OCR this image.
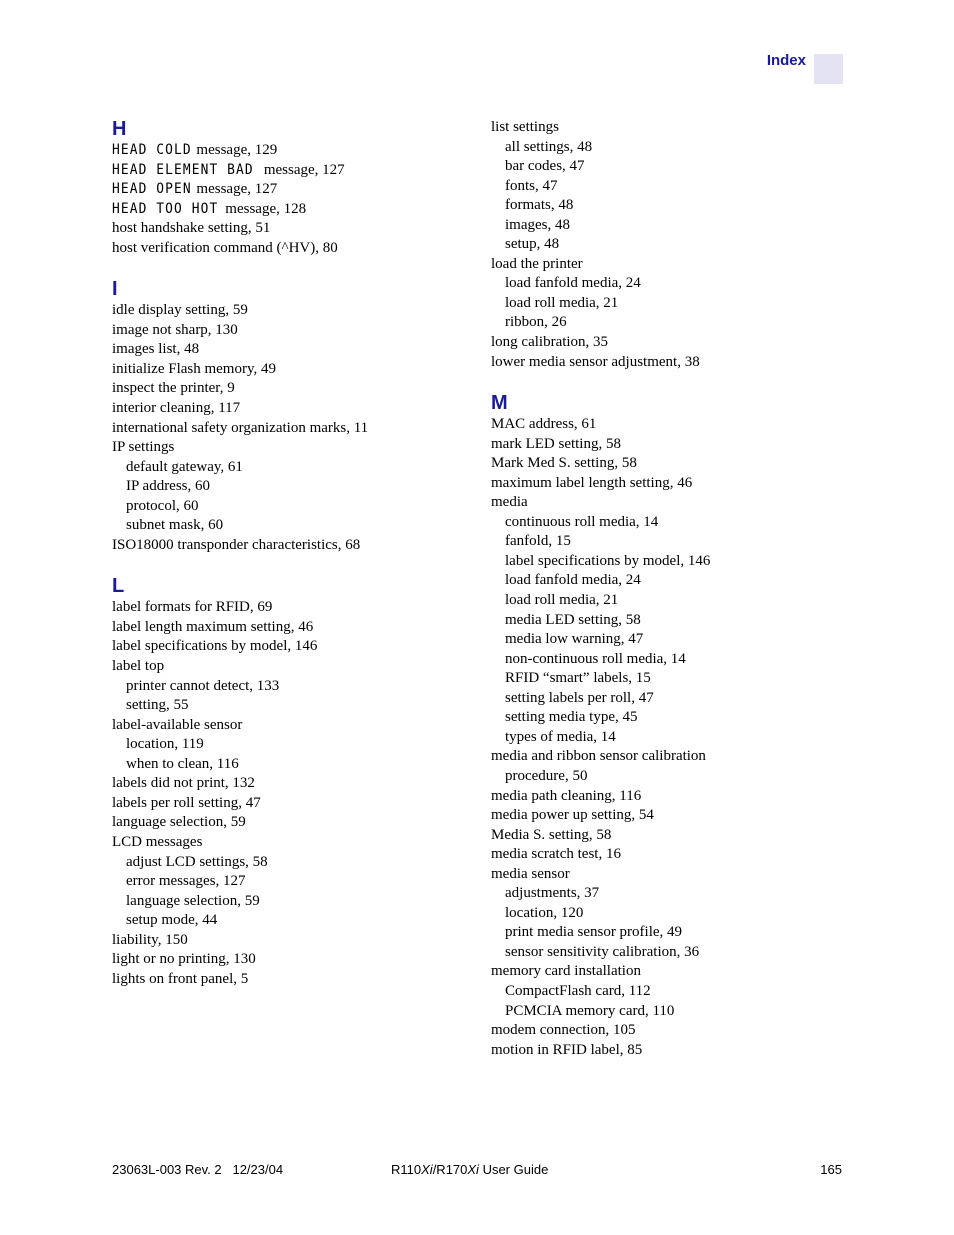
Index
H
HEAD COLD message, 129
HEAD ELEMENT BAD message, 127
HEAD OPEN message, 127
HEAD TOO HOT message, 128
host handshake setting, 51
host verification command (^HV), 80
I
idle display setting, 59
image not sharp, 130
images list, 48
initialize Flash memory, 49
inspect the printer, 9
interior cleaning, 117
international safety organization marks, 11
IP settings
default gateway, 61
IP address, 60
protocol, 60
subnet mask, 60
ISO18000 transponder characteristics, 68
L
label formats for RFID, 69
label length maximum setting, 46
label specifications by model, 146
label top
printer cannot detect, 133
setting, 55
label-available sensor
location, 119
when to clean, 116
labels did not print, 132
labels per roll setting, 47
language selection, 59
LCD messages
adjust LCD settings, 58
error messages, 127
language selection, 59
setup mode, 44
liability, 150
light or no printing, 130
lights on front panel, 5
list settings
all settings, 48
bar codes, 47
fonts, 47
formats, 48
images, 48
setup, 48
load the printer
load fanfold media, 24
load roll media, 21
ribbon, 26
long calibration, 35
lower media sensor adjustment, 38
M
MAC address, 61
mark LED setting, 58
Mark Med S. setting, 58
maximum label length setting, 46
media
continuous roll media, 14
fanfold, 15
label specifications by model, 146
load fanfold media, 24
load roll media, 21
media LED setting, 58
media low warning, 47
non-continuous roll media, 14
RFID “smart” labels, 15
setting labels per roll, 47
setting media type, 45
types of media, 14
media and ribbon sensor calibration
procedure, 50
media path cleaning, 116
media power up setting, 54
Media S. setting, 58
media scratch test, 16
media sensor
adjustments, 37
location, 120
print media sensor profile, 49
sensor sensitivity calibration, 36
memory card installation
CompactFlash card, 112
PCMCIA memory card, 110
modem connection, 105
motion in RFID label, 85
23063L-003 Rev. 2 12/23/04	R110Xi/R170Xi User Guide	165
